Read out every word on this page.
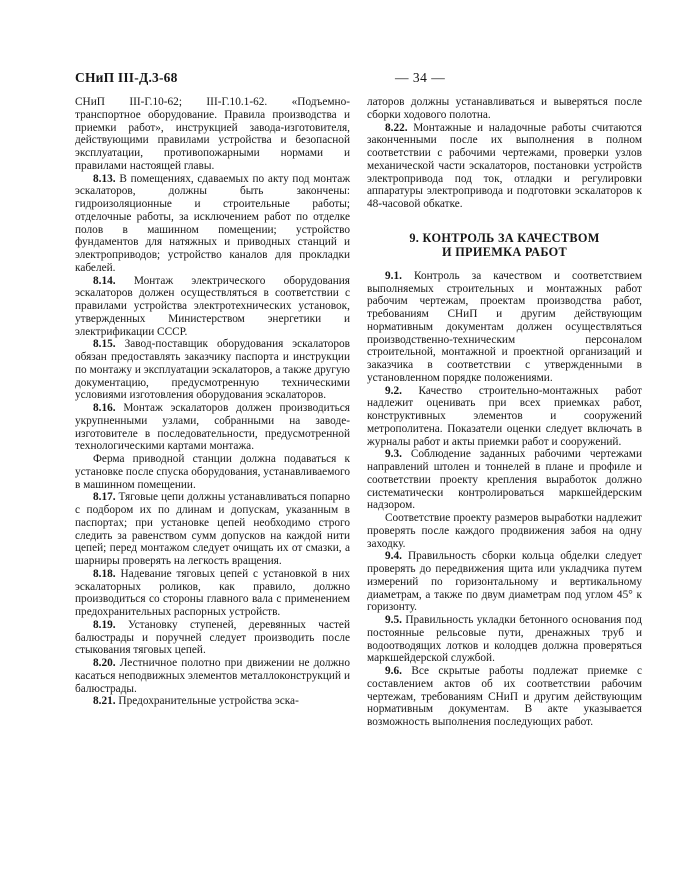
СНиП III-Д.3-68	— 34 —

СНиП III-Г.10-62; III-Г.10.1-62. «Подъемно-транспортное оборудование. Правила производства и приемки работ», инструкцией завода-изготовителя, действующими правилами устройства и безопасной эксплуатации, противопожарными нормами и правилами настоящей главы.

8.13. В помещениях, сдаваемых по акту под монтаж эскалаторов, должны быть закончены: гидроизоляционные и строительные работы; отделочные работы, за исключением работ по отделке полов в машинном помещении; устройство фундаментов для натяжных и приводных станций и электроприводов; устройство каналов для прокладки кабелей.

8.14. Монтаж электрического оборудования эскалаторов должен осуществляться в соответствии с правилами устройства электротехнических установок, утвержденных Министерством энергетики и электрификации СССР.

8.15. Завод-поставщик оборудования эскалаторов обязан предоставлять заказчику паспорта и инструкции по монтажу и эксплуатации эскалаторов, а также другую документацию, предусмотренную техническими условиями изготовления оборудования эскалаторов.

8.16. Монтаж эскалаторов должен производиться укрупненными узлами, собранными на заводе-изготовителе в последовательности, предусмотренной технологическими картами монтажа.

Ферма приводной станции должна подаваться к установке после спуска оборудования, устанавливаемого в машинном помещении.

8.17. Тяговые цепи должны устанавливаться попарно с подбором их по длинам и допускам, указанным в паспортах; при установке цепей необходимо строго следить за равенством сумм допусков на каждой нити цепей; перед монтажом следует очищать их от смазки, а шарниры проверять на легкость вращения.

8.18. Надевание тяговых цепей с установкой в них эскалаторных роликов, как правило, должно производиться со стороны главного вала с применением предохранительных распорных устройств.

8.19. Установку ступеней, деревянных частей балюстрады и поручней следует производить после стыкования тяговых цепей.

8.20. Лестничное полотно при движении не должно касаться неподвижных элементов металлоконструкций и балюстрады.

8.21. Предохранительные устройства эска-

латоров должны устанавливаться и выверяться после сборки ходового полотна.

8.22. Монтажные и наладочные работы считаются законченными после их выполнения в полном соответствии с рабочими чертежами, проверки узлов механической части эскалаторов, постановки устройств электропривода под ток, отладки и регулировки аппаратуры электропривода и подготовки эскалаторов к 48-часовой обкатке.

9. КОНТРОЛЬ ЗА КАЧЕСТВОМ
И ПРИЕМКА РАБОТ

9.1. Контроль за качеством и соответствием выполняемых строительных и монтажных работ рабочим чертежам, проектам производства работ, требованиям СНиП и другим действующим нормативным документам должен осуществляться производственно-техническим персоналом строительной, монтажной и проектной организаций и заказчика в соответствии с утвержденными в установленном порядке положениями.

9.2. Качество строительно-монтажных работ надлежит оценивать при всех приемках работ, конструктивных элементов и сооружений метрополитена. Показатели оценки следует включать в журналы работ и акты приемки работ и сооружений.

9.3. Соблюдение заданных рабочими чертежами направлений штолен и тоннелей в плане и профиле и соответствии проекту крепления выработок должно систематически контролироваться маркшейдерским надзором.

Соответствие проекту размеров выработки надлежит проверять после каждого продвижения забоя на одну заходку.

9.4. Правильность сборки кольца обделки следует проверять до передвижения щита или укладчика путем измерений по горизонтальному и вертикальному диаметрам, а также по двум диаметрам под углом 45° к горизонту.

9.5. Правильность укладки бетонного основания под постоянные рельсовые пути, дренажных труб и водоотводящих лотков и колодцев должна проверяться маркшейдерской службой.

9.6. Все скрытые работы подлежат приемке с составлением актов об их соответствии рабочим чертежам, требованиям СНиП и другим действующим нормативным документам. В акте указывается возможность выполнения последующих работ.
